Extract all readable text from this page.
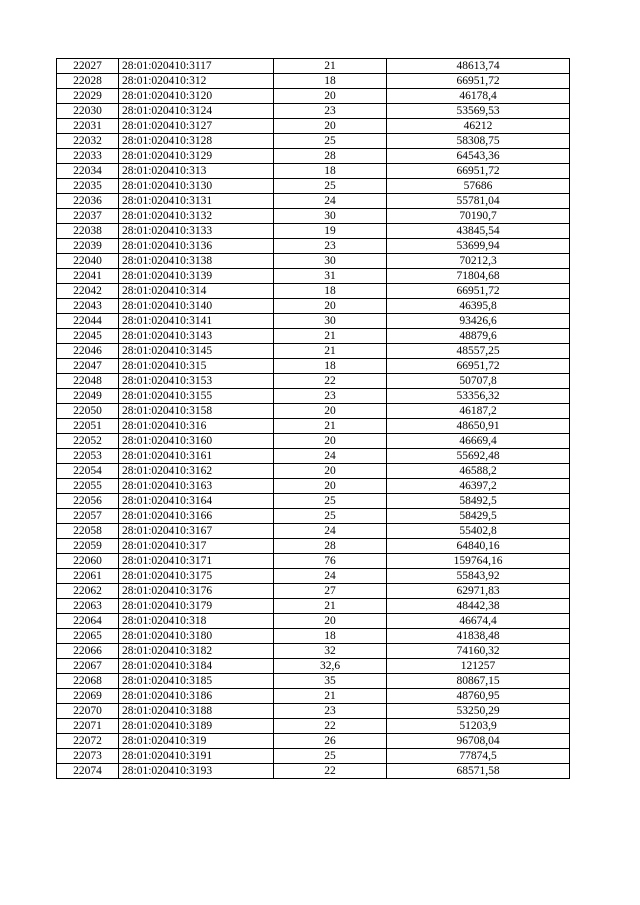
22027	28:01:020410:3117	21	48613,74
22028	28:01:020410:312	18	66951,72
22029	28:01:020410:3120	20	46178,4
22030	28:01:020410:3124	23	53569,53
22031	28:01:020410:3127	20	46212
22032	28:01:020410:3128	25	58308,75
22033	28:01:020410:3129	28	64543,36
22034	28:01:020410:313	18	66951,72
22035	28:01:020410:3130	25	57686
22036	28:01:020410:3131	24	55781,04
22037	28:01:020410:3132	30	70190,7
22038	28:01:020410:3133	19	43845,54
22039	28:01:020410:3136	23	53699,94
22040	28:01:020410:3138	30	70212,3
22041	28:01:020410:3139	31	71804,68
22042	28:01:020410:314	18	66951,72
22043	28:01:020410:3140	20	46395,8
22044	28:01:020410:3141	30	93426,6
22045	28:01:020410:3143	21	48879,6
22046	28:01:020410:3145	21	48557,25
22047	28:01:020410:315	18	66951,72
22048	28:01:020410:3153	22	50707,8
22049	28:01:020410:3155	23	53356,32
22050	28:01:020410:3158	20	46187,2
22051	28:01:020410:316	21	48650,91
22052	28:01:020410:3160	20	46669,4
22053	28:01:020410:3161	24	55692,48
22054	28:01:020410:3162	20	46588,2
22055	28:01:020410:3163	20	46397,2
22056	28:01:020410:3164	25	58492,5
22057	28:01:020410:3166	25	58429,5
22058	28:01:020410:3167	24	55402,8
22059	28:01:020410:317	28	64840,16
22060	28:01:020410:3171	76	159764,16
22061	28:01:020410:3175	24	55843,92
22062	28:01:020410:3176	27	62971,83
22063	28:01:020410:3179	21	48442,38
22064	28:01:020410:318	20	46674,4
22065	28:01:020410:3180	18	41838,48
22066	28:01:020410:3182	32	74160,32
22067	28:01:020410:3184	32,6	121257
22068	28:01:020410:3185	35	80867,15
22069	28:01:020410:3186	21	48760,95
22070	28:01:020410:3188	23	53250,29
22071	28:01:020410:3189	22	51203,9
22072	28:01:020410:319	26	96708,04
22073	28:01:020410:3191	25	77874,5
22074	28:01:020410:3193	22	68571,58
